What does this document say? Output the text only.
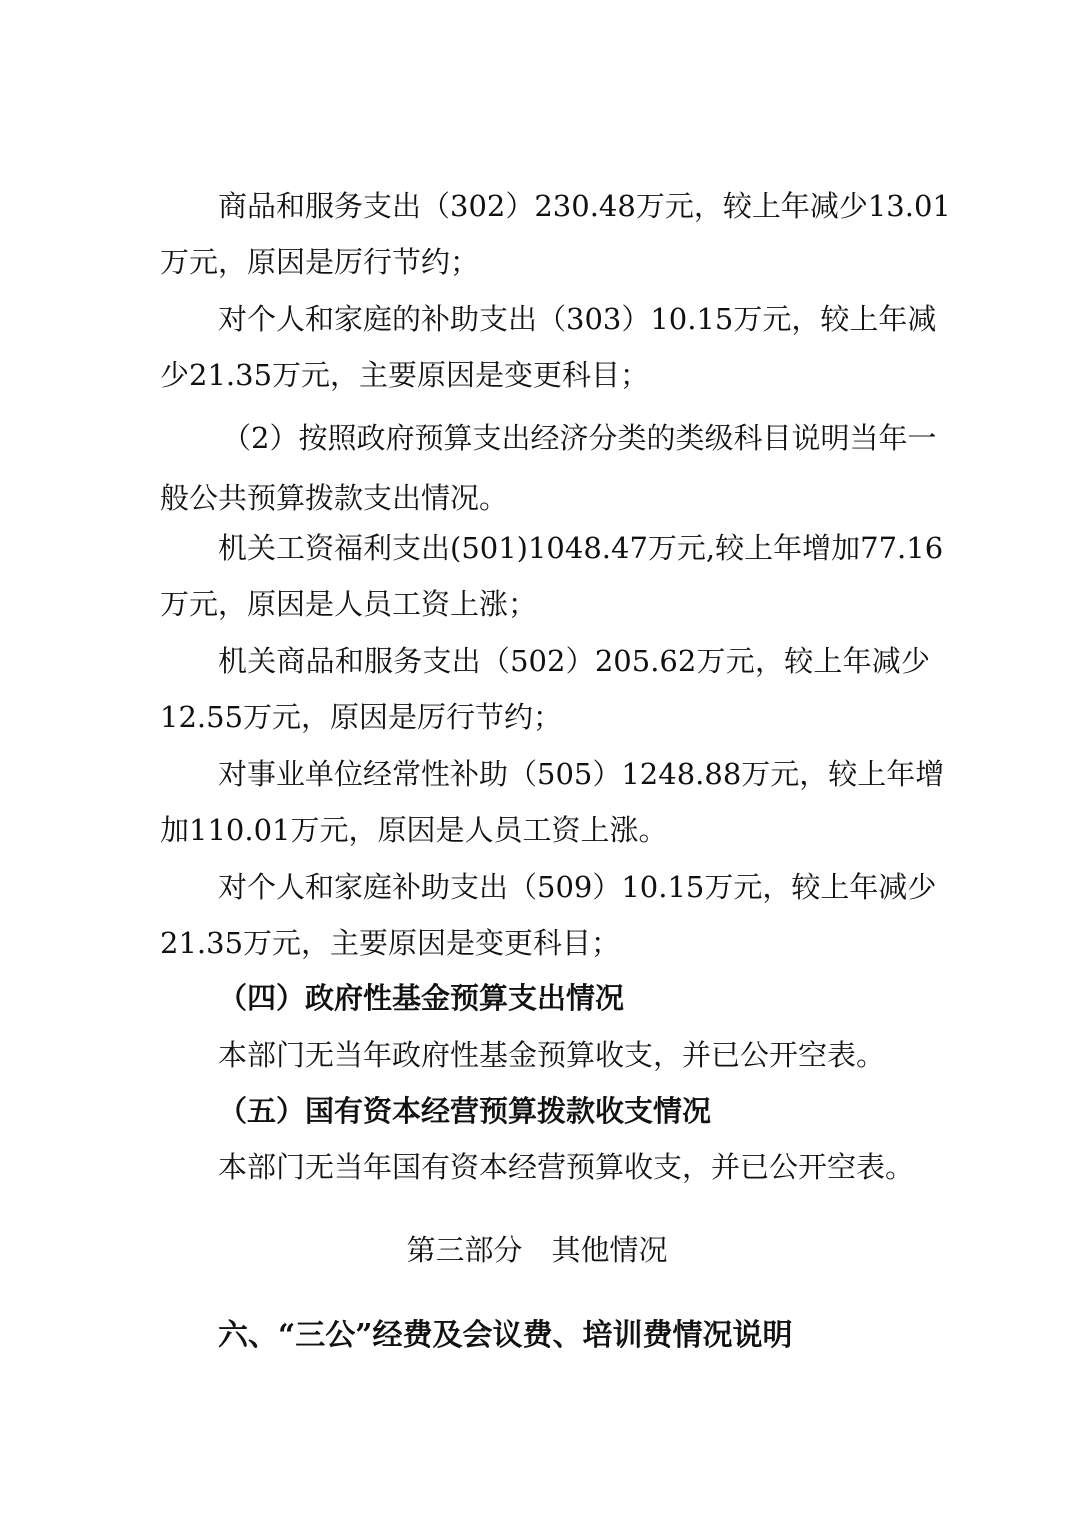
商品和服务支出（302）230.48万元，较上年减少13.01
万元，原因是厉行节约；
对个人和家庭的补助支出（303）10.15万元，较上年减
少21.35万元，主要原因是变更科目；
（2）按照政府预算支出经济分类的类级科目说明当年一
般公共预算拨款支出情况。
机关工资福利支出(501)1048.47万元,较上年增加77.16
万元，原因是人员工资上涨；
机关商品和服务支出（502）205.62万元，较上年减少
12.55万元，原因是厉行节约；
对事业单位经常性补助（505）1248.88万元，较上年增
加110.01万元，原因是人员工资上涨。
对个人和家庭补助支出（509）10.15万元，较上年减少
21.35万元，主要原因是变更科目；
（四）政府性基金预算支出情况
本部门无当年政府性基金预算收支，并已公开空表。
（五）国有资本经营预算拨款收支情况
本部门无当年国有资本经营预算收支，并已公开空表。
第三部分　其他情况
六、“三公”经费及会议费、培训费情况说明
